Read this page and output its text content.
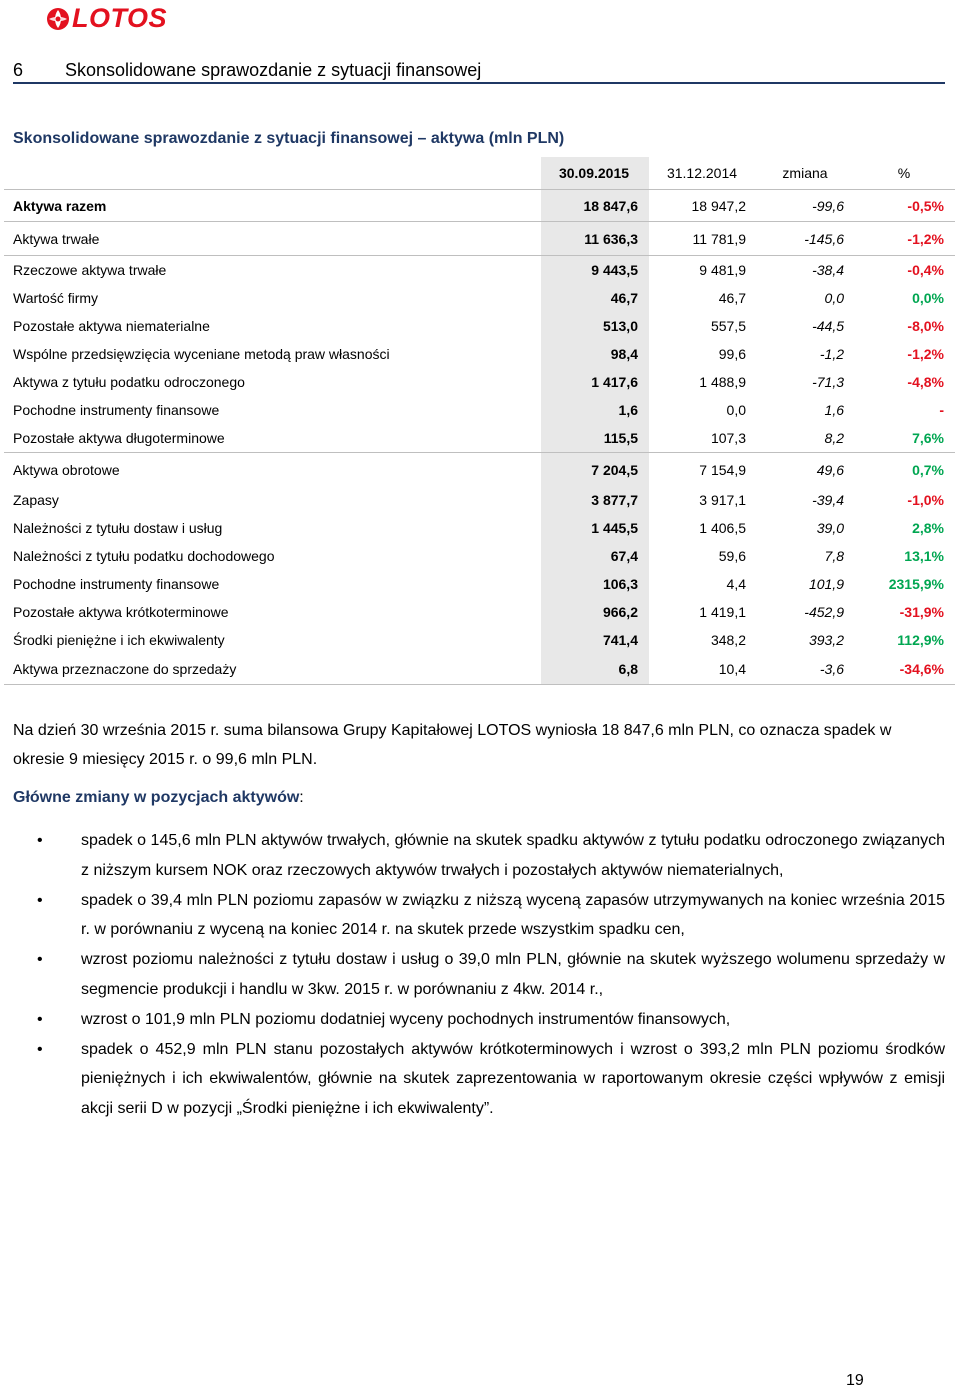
LOTOS
6 Skonsolidowane sprawozdanie z sytuacji finansowej
Skonsolidowane sprawozdanie z sytuacji finansowej – aktywa (mln PLN)
	30.09.2015	31.12.2014	zmiana	%
Aktywa razem	18 847,6	18 947,2	-99,6	-0,5%
Aktywa trwałe	11 636,3	11 781,9	-145,6	-1,2%
Rzeczowe aktywa trwałe	9 443,5	9 481,9	-38,4	-0,4%
Wartość firmy	46,7	46,7	0,0	0,0%
Pozostałe aktywa niematerialne	513,0	557,5	-44,5	-8,0%
Wspólne przedsięwzięcia wyceniane metodą praw własności	98,4	99,6	-1,2	-1,2%
Aktywa z tytułu podatku odroczonego	1 417,6	1 488,9	-71,3	-4,8%
Pochodne instrumenty finansowe	1,6	0,0	1,6	-
Pozostałe aktywa długoterminowe	115,5	107,3	8,2	7,6%
Aktywa obrotowe	7 204,5	7 154,9	49,6	0,7%
Zapasy	3 877,7	3 917,1	-39,4	-1,0%
Należności z tytułu dostaw i usług	1 445,5	1 406,5	39,0	2,8%
Należności z tytułu podatku dochodowego	67,4	59,6	7,8	13,1%
Pochodne instrumenty finansowe	106,3	4,4	101,9	2315,9%
Pozostałe aktywa krótkoterminowe	966,2	1 419,1	-452,9	-31,9%
Środki pieniężne i ich ekwiwalenty	741,4	348,2	393,2	112,9%
Aktywa przeznaczone do sprzedaży	6,8	10,4	-3,6	-34,6%
Na dzień 30 września 2015 r. suma bilansowa Grupy Kapitałowej LOTOS wyniosła 18 847,6 mln PLN, co oznacza spadek w okresie 9 miesięcy 2015 r. o 99,6 mln PLN.
Główne zmiany w pozycjach aktywów:
• spadek o 145,6 mln PLN aktywów trwałych, głównie na skutek spadku aktywów z tytułu podatku odroczonego związanych z niższym kursem NOK oraz rzeczowych aktywów trwałych i pozostałych aktywów niematerialnych,
• spadek o 39,4 mln PLN poziomu zapasów w związku z niższą wyceną zapasów utrzymywanych na koniec września 2015 r. w porównaniu z wyceną na koniec 2014 r. na skutek przede wszystkim spadku cen,
• wzrost poziomu należności z tytułu dostaw i usług o 39,0 mln PLN, głównie na skutek wyższego wolumenu sprzedaży w segmencie produkcji i handlu w 3kw. 2015 r. w porównaniu z 4kw. 2014 r.,
• wzrost o 101,9 mln PLN poziomu dodatniej wyceny pochodnych instrumentów finansowych,
• spadek o 452,9 mln PLN stanu pozostałych aktywów krótkoterminowych i wzrost o 393,2 mln PLN poziomu środków pieniężnych i ich ekwiwalentów, głównie na skutek zaprezentowania w raportowanym okresie części wpływów z emisji akcji serii D w pozycji „Środki pieniężne i ich ekwiwalenty”.
19
